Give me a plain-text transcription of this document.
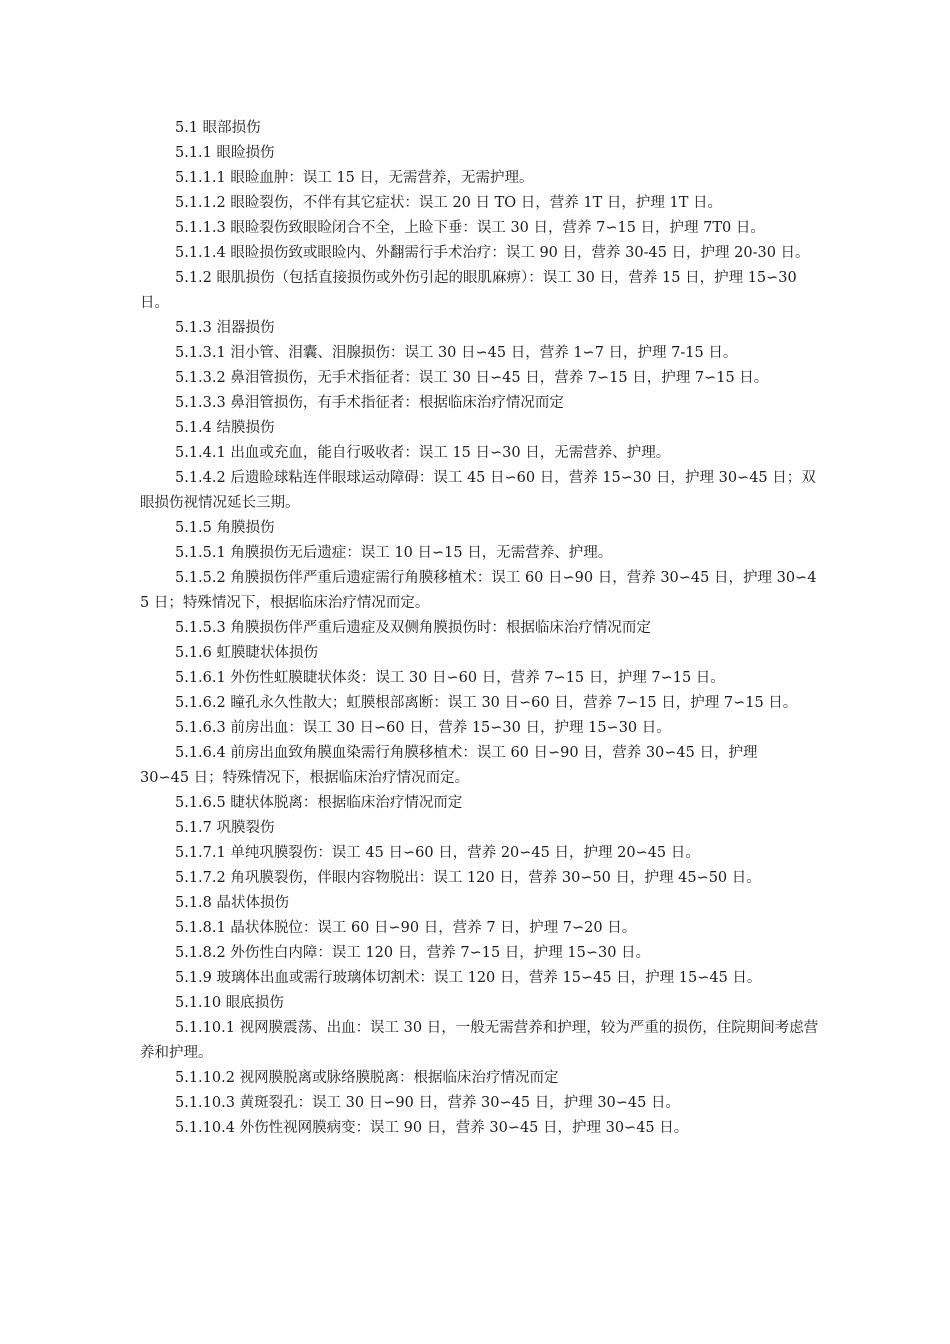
5.1 眼部损伤

5.1.1 眼睑损伤

5.1.1.1 眼睑血肿：误工 15 日，无需营养，无需护理。

5.1.1.2 眼睑裂伤，不伴有其它症状：误工 20 日 TO 日，营养 1T 日，护理 1T 日。

5.1.1.3 眼睑裂伤致眼睑闭合不全，上睑下垂：误工 30 日，营养 7∽15 日，护理 7T0 日。

5.1.1.4 眼睑损伤致或眼睑内、外翻需行手术治疗：误工 90 日，营养 30-45 日，护理 20-30 日。

5.1.2 眼肌损伤（包括直接损伤或外伤引起的眼肌麻痹）：误工 30 日，营养 15 日，护理 15∽30 日。

5.1.3 泪器损伤

5.1.3.1 泪小管、泪囊、泪腺损伤：误工 30 日∽45 日，营养 1∽7 日，护理 7-15 日。

5.1.3.2 鼻泪管损伤，无手术指征者：误工 30 日∽45 日，营养 7∽15 日，护理 7∽15 日。

5.1.3.3 鼻泪管损伤，有手术指征者：根据临床治疗情况而定

5.1.4 结膜损伤

5.1.4.1 出血或充血，能自行吸收者：误工 15 日∽30 日，无需营养、护理。

5.1.4.2 后遗睑球粘连伴眼球运动障碍：误工 45 日∽60 日，营养 15∽30 日，护理 30∽45 日；双眼损伤视情况延长三期。

5.1.5 角膜损伤

5.1.5.1 角膜损伤无后遗症：误工 10 日∽15 日，无需营养、护理。

5.1.5.2 角膜损伤伴严重后遗症需行角膜移植术：误工 60 日∽90 日，营养 30∽45 日，护理 30∽45 日；特殊情况下，根据临床治疗情况而定。

5.1.5.3 角膜损伤伴严重后遗症及双侧角膜损伤时：根据临床治疗情况而定

5.1.6 虹膜睫状体损伤

5.1.6.1 外伤性虹膜睫状体炎：误工 30 日∽60 日，营养 7∽15 日，护理 7∽15 日。

5.1.6.2 瞳孔永久性散大；虹膜根部离断：误工 30 日∽60 日，营养 7∽15 日，护理 7∽15 日。

5.1.6.3 前房出血：误工 30 日∽60 日，营养 15∽30 日，护理 15∽30 日。

5.1.6.4 前房出血致角膜血染需行角膜移植术：误工 60 日∽90 日，营养 30∽45 日，护理

30∽45 日；特殊情况下，根据临床治疗情况而定。

5.1.6.5 睫状体脱离：根据临床治疗情况而定

5.1.7 巩膜裂伤

5.1.7.1 单纯巩膜裂伤：误工 45 日∽60 日，营养 20∽45 日，护理 20∽45 日。

5.1.7.2 角巩膜裂伤，伴眼内容物脱出：误工 120 日，营养 30∽50 日，护理 45∽50 日。

5.1.8 晶状体损伤

5.1.8.1 晶状体脱位：误工 60 日∽90 日，营养 7 日，护理 7∽20 日。

5.1.8.2 外伤性白内障：误工 120 日，营养 7∽15 日，护理 15∽30 日。

5.1.9 玻璃体出血或需行玻璃体切割术：误工 120 日，营养 15∽45 日，护理 15∽45 日。

5.1.10 眼底损伤

5.1.10.1 视网膜震荡、出血：误工 30 日，一般无需营养和护理，较为严重的损伤，住院期间考虑营养和护理。

5.1.10.2 视网膜脱离或脉络膜脱离：根据临床治疗情况而定

5.1.10.3 黄斑裂孔：误工 30 日∽90 日，营养 30∽45 日，护理 30∽45 日。

5.1.10.4 外伤性视网膜病变：误工 90 日，营养 30∽45 日，护理 30∽45 日。
